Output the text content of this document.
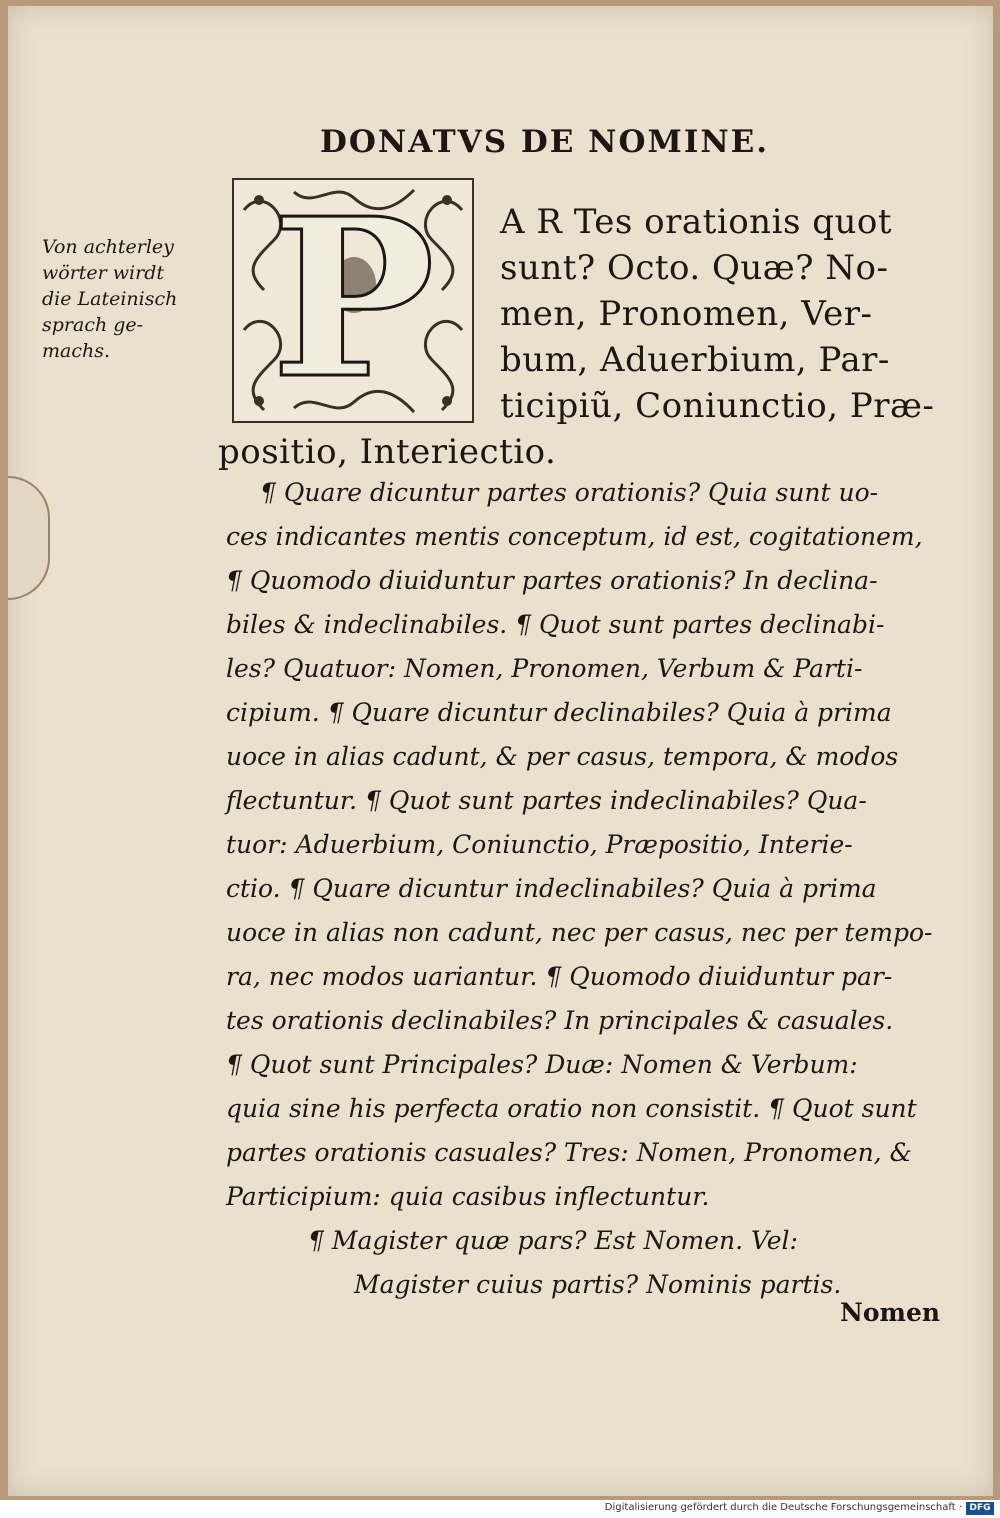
DONATVS DE NOMINE.
Von achterley
wörter wirdt
die Lateinisch
sprach ge-
machs. P	A R Tes orationis quot
sunt? Octo. Quæ? No-
men, Pronomen, Ver-
bum, Aduerbium, Par-
ticipiũ, Coniunctio, Præ-
positio, Interiectio.
¶ Quare dicuntur partes orationis? Quia sunt uo-
ces indicantes mentis conceptum, id est, cogitationem,
¶ Quomodo diuiduntur partes orationis? In declina-
biles & indeclinabiles. ¶ Quot sunt partes declinabi-
les? Quatuor: Nomen, Pronomen, Verbum & Parti-
cipium. ¶ Quare dicuntur declinabiles? Quia à prima
uoce in alias cadunt, & per casus, tempora, & modos
flectuntur. ¶ Quot sunt partes indeclinabiles? Qua-
tuor: Aduerbium, Coniunctio, Præpositio, Interie-
ctio. ¶ Quare dicuntur indeclinabiles? Quia à prima
uoce in alias non cadunt, nec per casus, nec per tempo-
ra, nec modos uariantur. ¶ Quomodo diuiduntur par-
tes orationis declinabiles? In principales & casuales.
¶ Quot sunt Principales? Duæ: Nomen & Verbum:
quia sine his perfecta oratio non consistit. ¶ Quot sunt
partes orationis casuales? Tres: Nomen, Pronomen, &
Participium: quia casibus inflectuntur.
¶ Magister quæ pars? Est Nomen. Vel:
Magister cuius partis? Nominis partis.
Nomen
Digitalisierung gefördert durch die Deutsche Forschungsgemeinschaft · DFG
